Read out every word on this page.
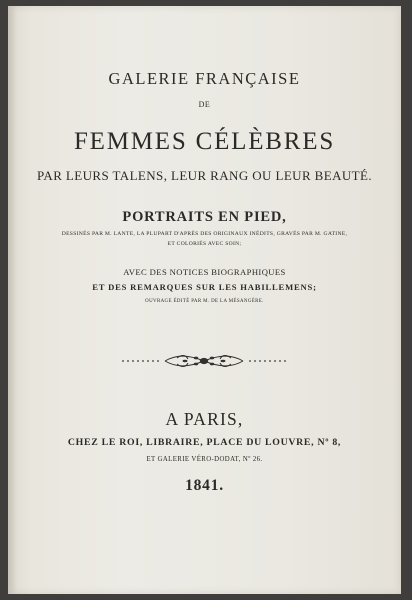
GALERIE FRANÇAISE
DE
FEMMES CÉLÈBRES
PAR LEURS TALENS, LEUR RANG OU LEUR BEAUTÉ.
PORTRAITS EN PIED,
DESSINÉS PAR M. LANTE, LA PLUPART D'APRÈS DES ORIGINAUX INÉDITS, GRAVÉS PAR M. GATINE,
ET COLORIÉS AVEC SOIN;
AVEC DES NOTICES BIOGRAPHIQUES
ET DES REMARQUES SUR LES HABILLEMENS;
OUVRAGE ÉDITÉ PAR M. DE LA MÉSANGÈRE.
A PARIS,
CHEZ LE ROI, LIBRAIRE, PLACE DU LOUVRE, Nº 8,
ET GALERIE VÉRO-DODAT, Nº 26.
1841.
